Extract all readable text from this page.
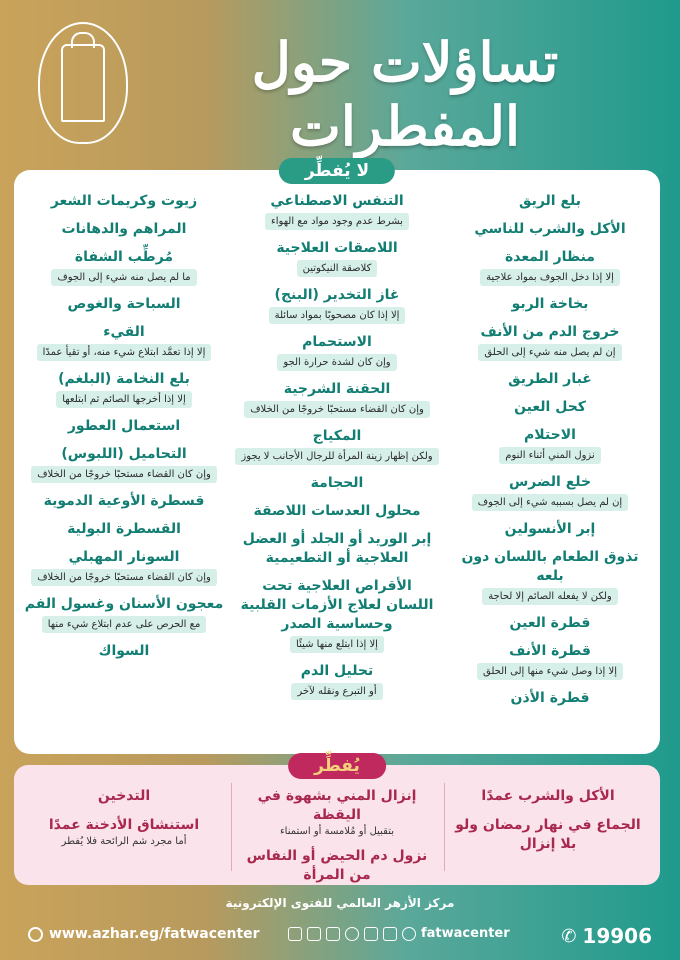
تساؤلات حول المفطرات
لا يُفطِّر
بلع الريق
الأكل والشرب للناسي
منظار المعدة
إلا إذا دخل الجوف بمواد علاجية
بخاخة الربو
خروج الدم من الأنف
إن لم يصل منه شيء إلى الحلق
غبار الطريق
كحل العين
الاحتلام
نزول المني أثناء النوم
خلع الضرس
إن لم يصل بسببه شيء إلى الجوف
إبر الأنسولين
تذوق الطعام باللسان دون بلعه
ولكن لا يفعله الصائم إلا لحاجة
قطرة العين
قطرة الأنف
إلا إذا وصل شيء منها إلى الحلق
قطرة الأذن
التنفس الاصطناعي
بشرط عدم وجود مواد مع الهواء
اللاصقات العلاجية
كلاصقة النيكوتين
غاز التخدير (البنج)
إلا إذا كان مصحوبًا بمواد سائلة
الاستحمام
وإن كان لشدة حرارة الجو
الحقنة الشرجية
وإن كان القضاء مستحبًا خروجًا من الخلاف
المكياج
ولكن إظهار زينة المرأة للرجال الأجانب لا يجوز
الحجامة
محلول العدسات اللاصقة
إبر الوريد أو الجلد أو العضل العلاجية أو التطعيمية
الأقراص العلاجية تحت اللسان لعلاج الأزمات القلبية وحساسية الصدر
إلا إذا ابتلع منها شيئًا
تحليل الدم
أو التبرع ونقله لآخر
زيوت وكريمات الشعر
المراهم والدهانات
مُرطِّب الشفاة
ما لم يصل منه شيء إلى الجوف
السباحة والغوص
القيء
إلا إذا تعمَّد ابتلاع شيء منه، أو تقيأ عمدًا
بلع النخامة (البلغم)
إلا إذا أخرجها الصائم ثم ابتلعها
استعمال العطور
التحاميل (اللبوس)
وإن كان القضاء مستحبًا خروجًا من الخلاف
قسطرة الأوعية الدموية
القسطرة البولية
السونار المهبلي
وإن كان القضاء مستحبًا خروجًا من الخلاف
معجون الأسنان وغسول الفم
مع الحرص على عدم ابتلاع شيء منها
السواك
يُفطِّر
الأكل والشرب عمدًا
الجماع في نهار رمضان ولو بلا إنزال
إنزال المني بشهوة في اليقظة
بتقبيل أو مُلامسة أو استمناء
نزول دم الحيض أو النفاس من المرأة
التدخين
استنشاق الأدخنة عمدًا
أما مجرد شم الرائحة فلا يُفطر
مركز الأزهر العالمي للفتوى الإلكترونية
www.azhar.eg/fatwacenter	fatwacenter	✆ 19906
